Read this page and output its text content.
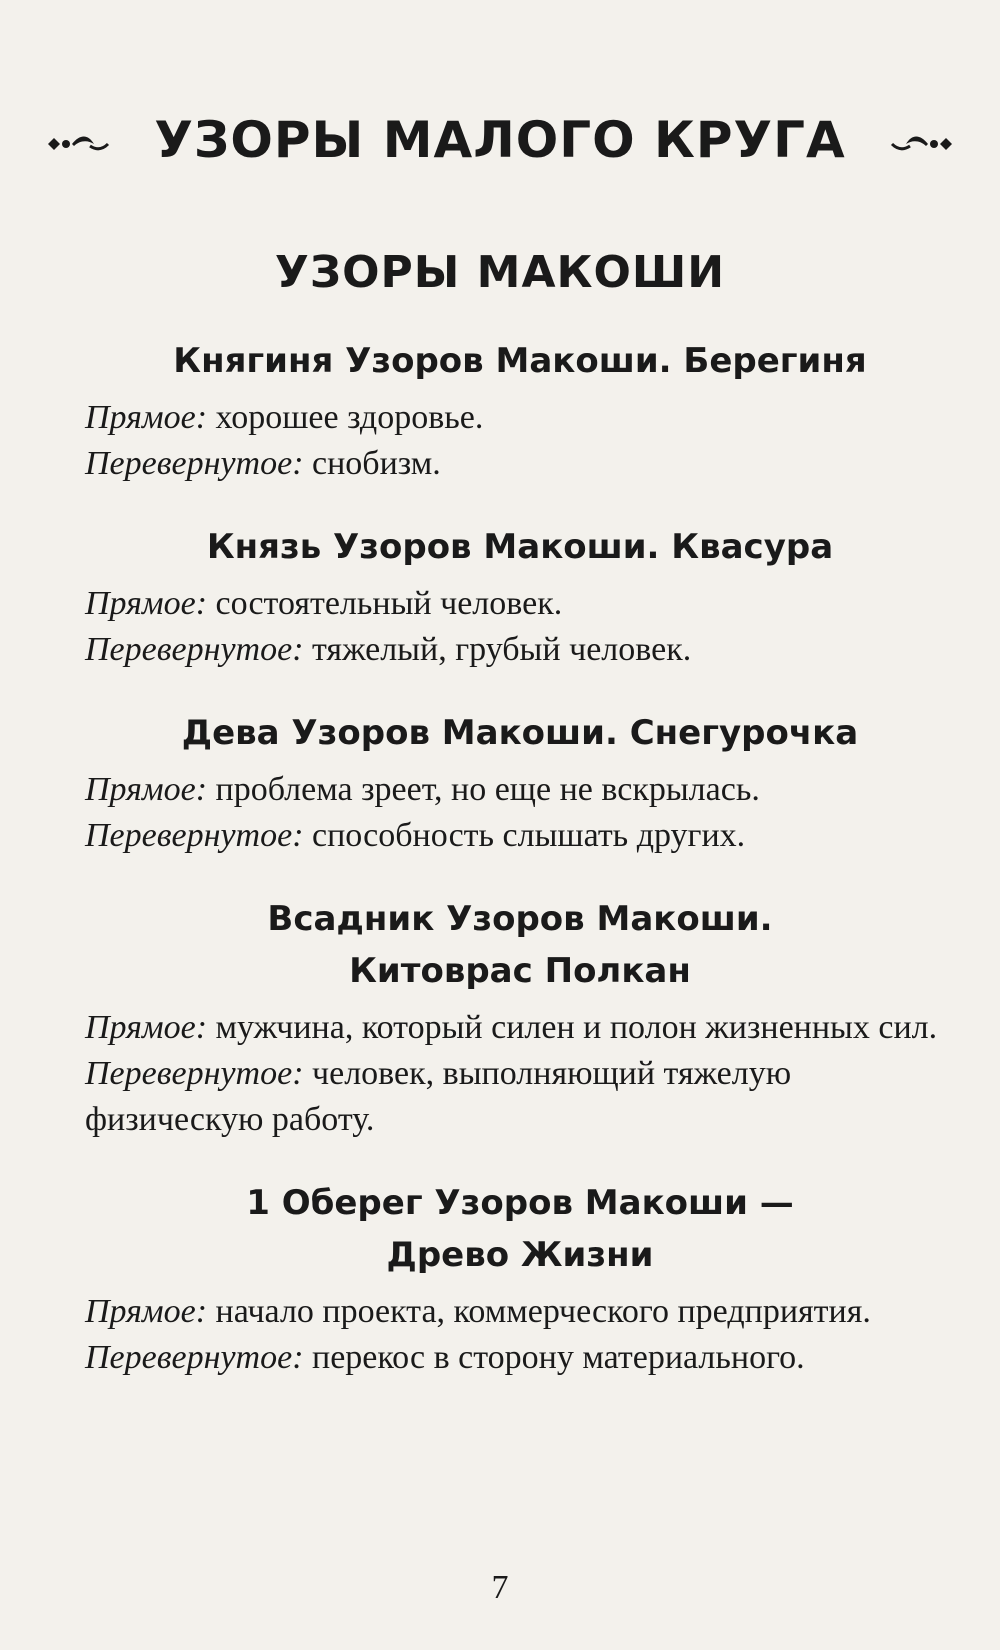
УЗОРЫ МАЛОГО КРУГА
УЗОРЫ МАКОШИ
Княгиня Узоров Макоши. Берегиня
Прямое: хорошее здоровье.
Перевернутое: снобизм.
Князь Узоров Макоши. Квасура
Прямое: состоятельный человек.
Перевернутое: тяжелый, грубый человек.
Дева Узоров Макоши. Снегурочка
Прямое: проблема зреет, но еще не вскрылась.
Перевернутое: способность слышать других.
Всадник Узоров Макоши.
Китоврас Полкан
Прямое: мужчина, который силен и полон жизненных сил.
Перевернутое: человек, выполняющий тяжелую физическую работу.
1 Оберег Узоров Макоши —
Древо Жизни
Прямое: начало проекта, коммерческого предприятия.
Перевернутое: перекос в сторону материального.
7
